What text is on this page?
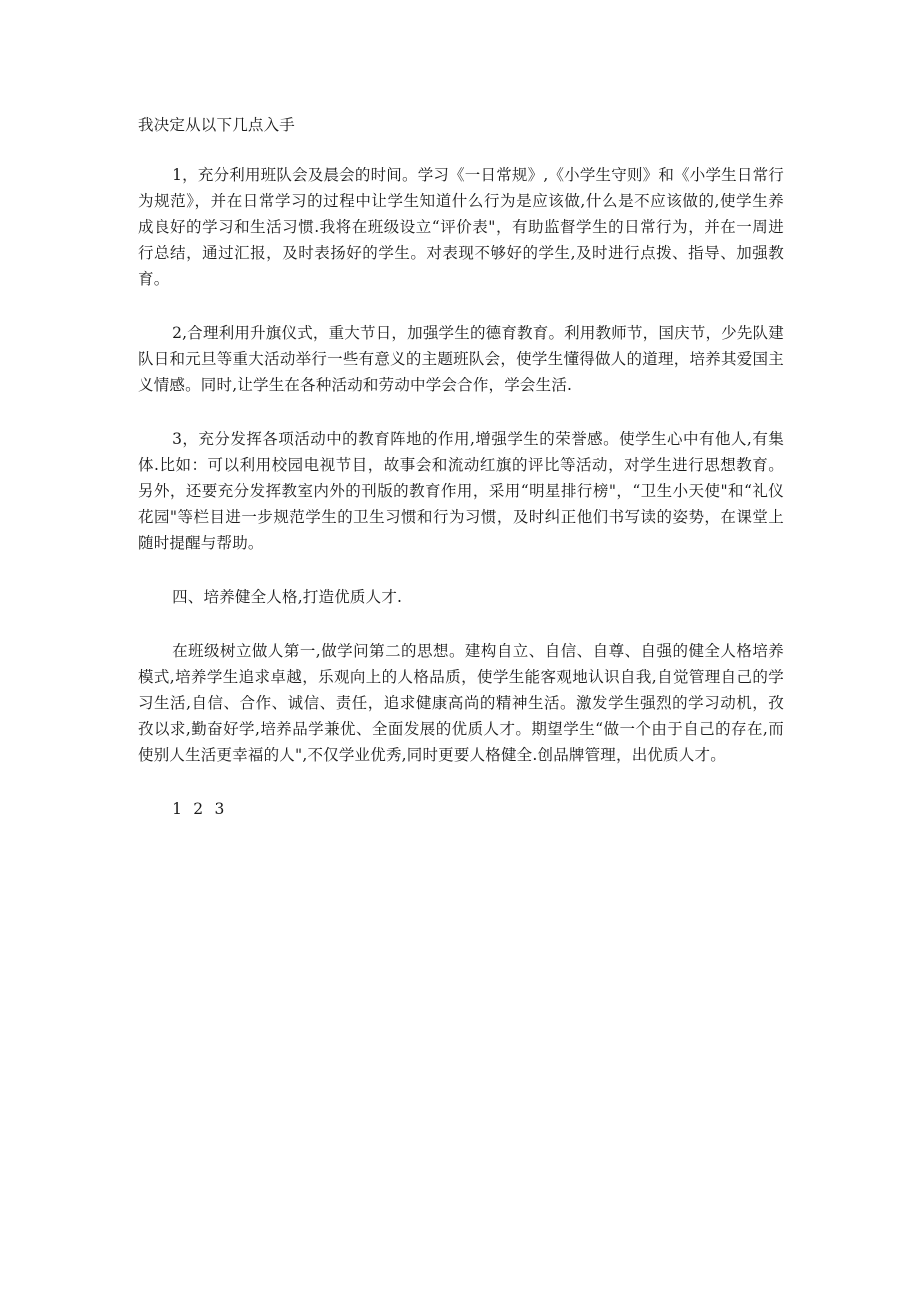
我决定从以下几点入手

1，充分利用班队会及晨会的时间。学习《一日常规》,《小学生守则》和《小学生日常行为规范》，并在日常学习的过程中让学生知道什么行为是应该做,什么是不应该做的,使学生养成良好的学习和生活习惯.我将在班级设立“评价表"，有助监督学生的日常行为，并在一周进行总结，通过汇报，及时表扬好的学生。对表现不够好的学生,及时进行点拨、指导、加强教育。

2,合理利用升旗仪式，重大节日，加强学生的德育教育。利用教师节，国庆节，少先队建队日和元旦等重大活动举行一些有意义的主题班队会，使学生懂得做人的道理，培养其爱国主义情感。同时,让学生在各种活动和劳动中学会合作，学会生活.

3，充分发挥各项活动中的教育阵地的作用,增强学生的荣誉感。使学生心中有他人,有集体.比如：可以利用校园电视节目，故事会和流动红旗的评比等活动，对学生进行思想教育。另外，还要充分发挥教室内外的刊版的教育作用，采用“明星排行榜"，“卫生小天使"和“礼仪花园"等栏目进一步规范学生的卫生习惯和行为习惯，及时纠正他们书写读的姿势，在课堂上随时提醒与帮助。

四、培养健全人格,打造优质人才.

在班级树立做人第一,做学问第二的思想。建构自立、自信、自尊、自强的健全人格培养模式,培养学生追求卓越，乐观向上的人格品质，使学生能客观地认识自我,自觉管理自己的学习生活,自信、合作、诚信、责任，追求健康高尚的精神生活。激发学生强烈的学习动机，孜孜以求,勤奋好学,培养品学兼优、全面发展的优质人才。期望学生“做一个由于自己的存在,而使别人生活更幸福的人",不仅学业优秀,同时更要人格健全.创品牌管理，出优质人才。

1 2 3
